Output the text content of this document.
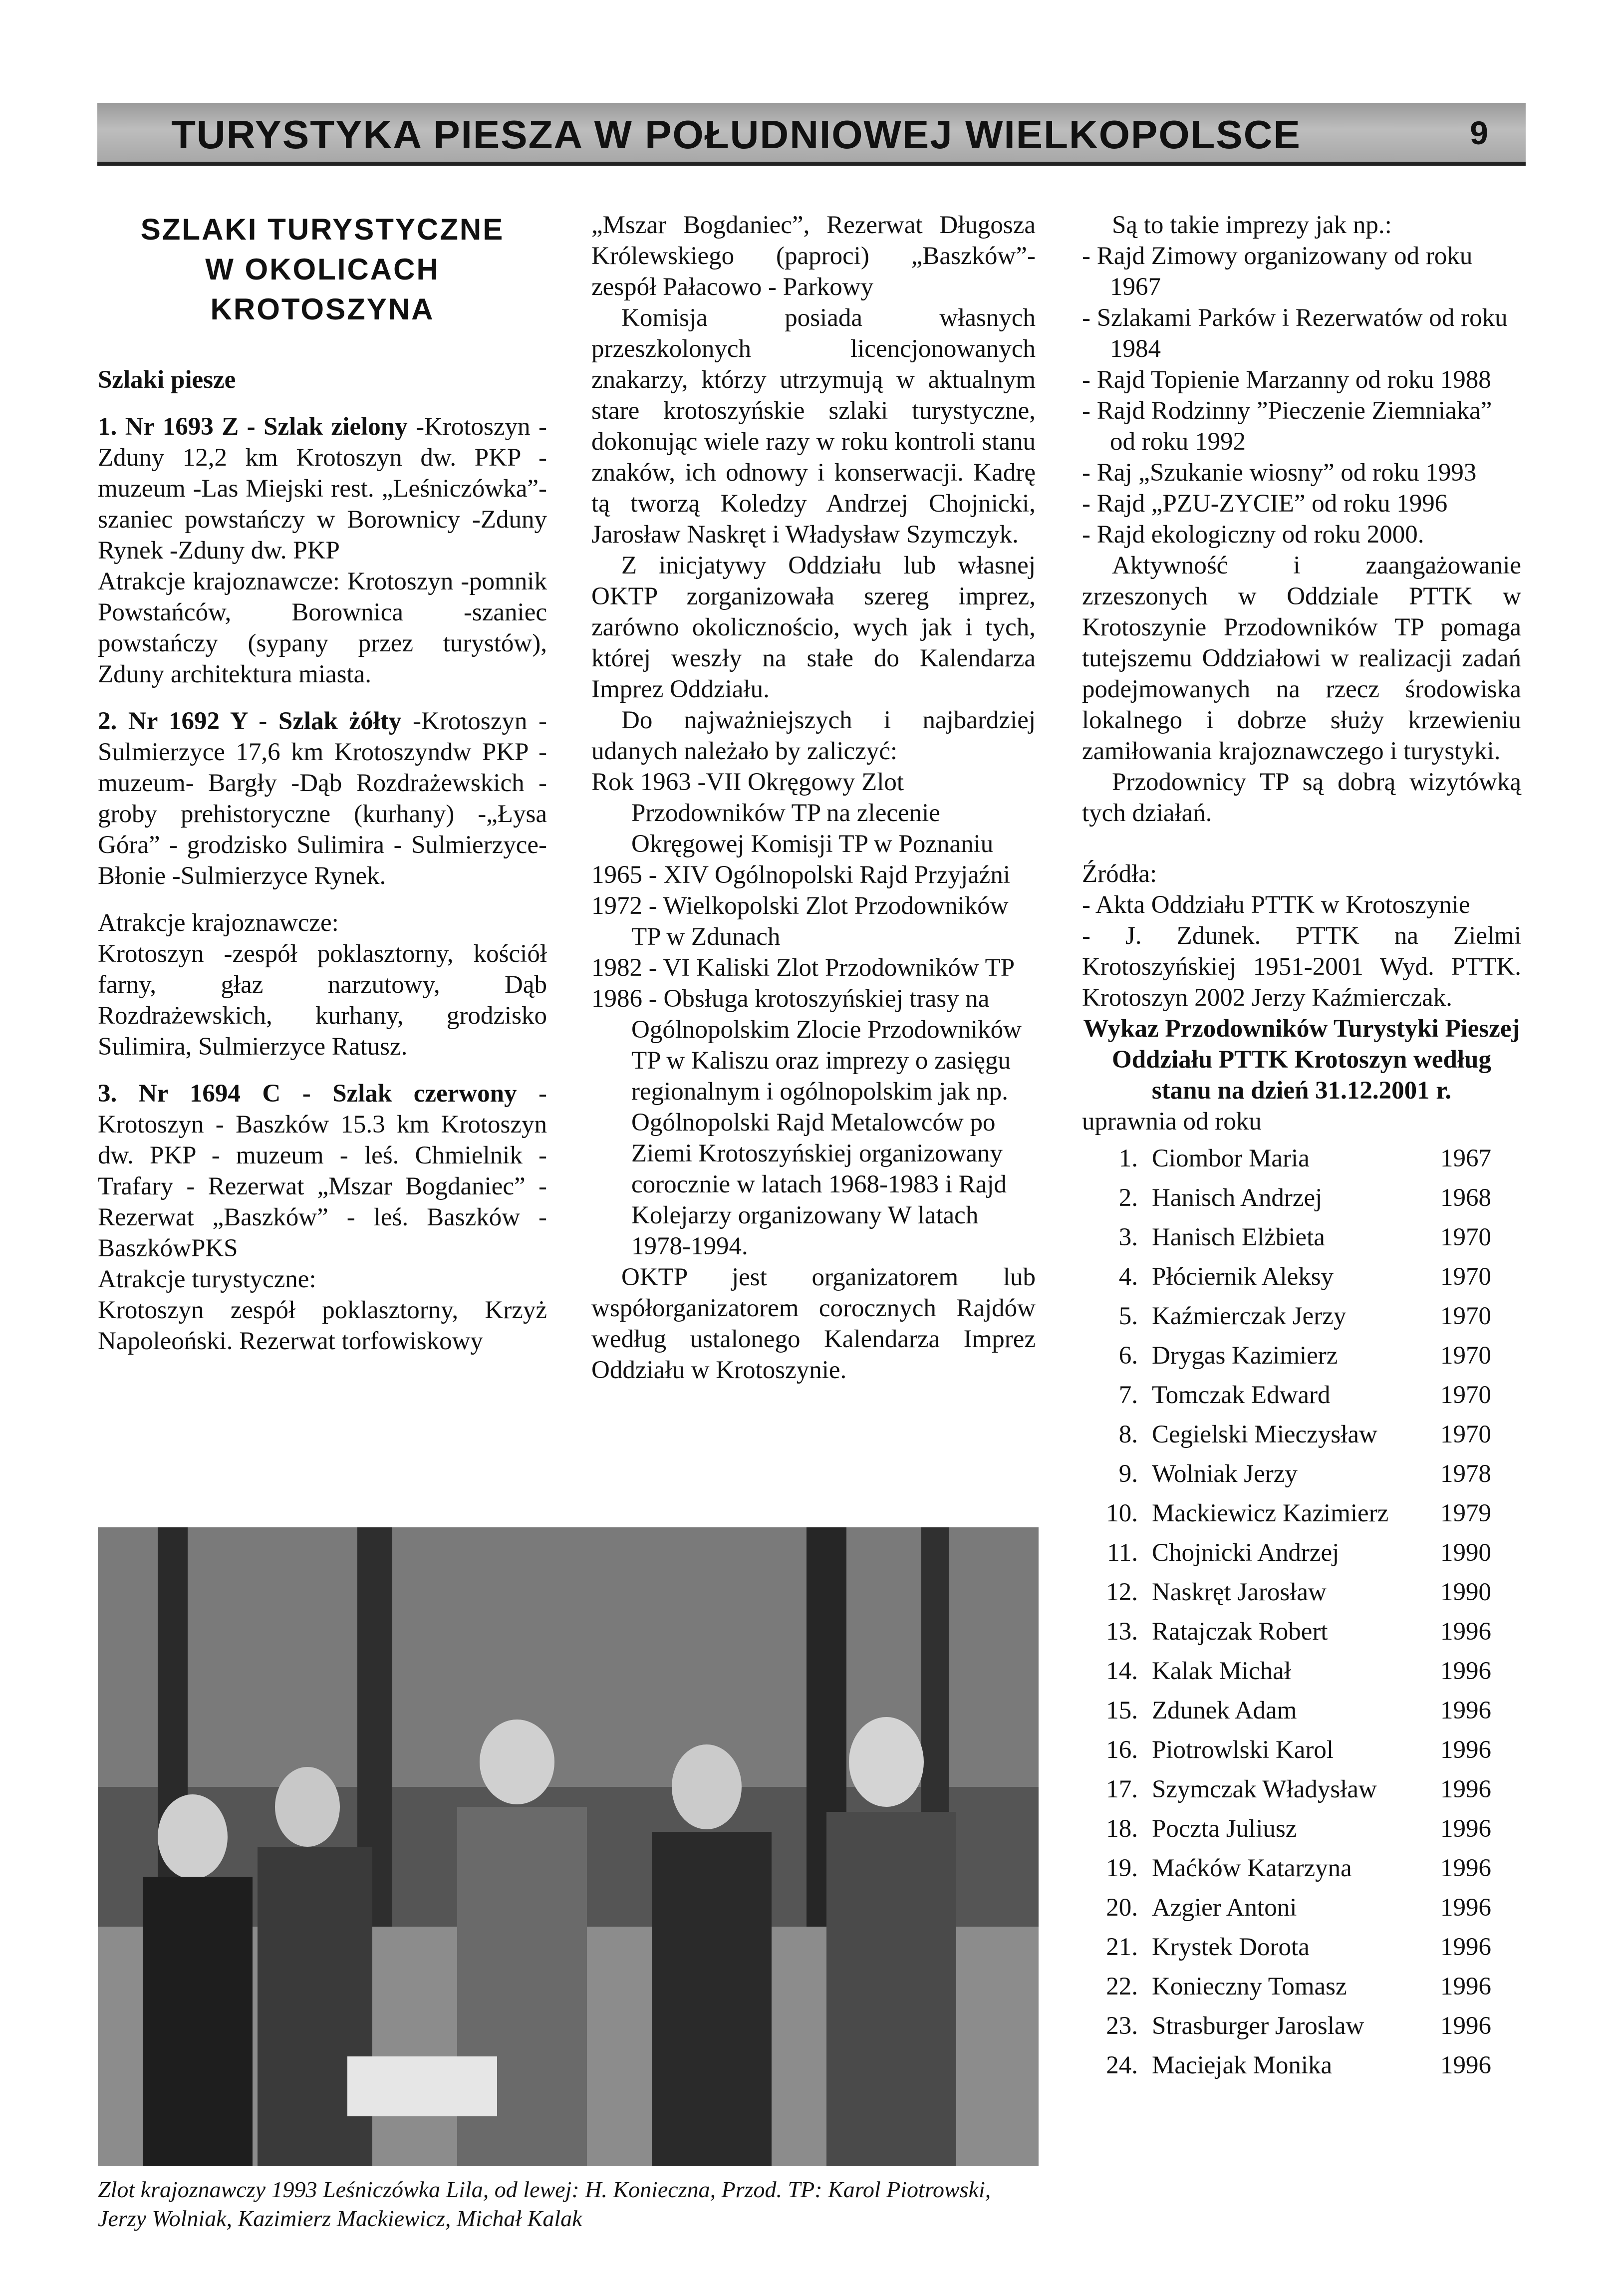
TURYSTYKA PIESZA W POŁUDNIOWEJ WIELKOPOLSCE	9
SZLAKI TURYSTYCZNE
W OKOLICACH KROTOSZYNA

Szlaki piesze

1. Nr 1693 Z - Szlak zielony -Krotoszyn -Zduny 12,2 km Krotoszyn dw. PKP -muzeum -Las Miejski rest. „Leśniczówka”-szaniec powstańczy w Borownicy -Zduny Rynek -Zduny dw. PKP

Atrakcje krajoznawcze: Krotoszyn -pomnik Powstańców, Borownica -szaniec powstańczy (sypany przez turystów), Zduny architektura miasta.

2. Nr 1692 Y - Szlak żółty -Krotoszyn -Sulmierzyce 17,6 km Krotoszyndw PKP -muzeum- Bargły -Dąb Rozdrażewskich -groby prehistoryczne (kurhany) -„Łysa Góra” - grodzisko Sulimira - Sulmierzyce-Błonie -Sulmierzyce Rynek.

Atrakcje krajoznawcze:

Krotoszyn -zespół poklasztorny, kościół farny, głaz narzutowy, Dąb Rozdrażewskich, kurhany, grodzisko Sulimira, Sulmierzyce Ratusz.

3. Nr 1694 C - Szlak czerwony - Krotoszyn - Baszków 15.3 km Krotoszyn dw. PKP - muzeum - leś. Chmielnik - Trafary - Rezerwat „Mszar Bogdaniec” - Rezerwat „Baszków” - leś. Baszków - BaszkówPKS

Atrakcje turystyczne:

Krotoszyn zespół poklasztorny, Krzyż Napoleoński. Rezerwat torfowiskowy

„Mszar Bogdaniec”, Rezerwat Długosza Królewskiego (paproci) „Baszków”- zespół Pałacowo - Parkowy

Komisja posiada własnych przeszkolonych licencjonowanych znakarzy, którzy utrzymują w aktualnym stare krotoszyńskie szlaki turystyczne, dokonując wiele razy w roku kontroli stanu znaków, ich odnowy i konserwacji. Kadrę tą tworzą Koledzy Andrzej Chojnicki, Jarosław Naskręt i Władysław Szymczyk.

Z inicjatywy Oddziału lub własnej OKTP zorganizowała szereg imprez, zarówno okolicznościo, wych jak i tych, której weszły na stałe do Kalendarza Imprez Oddziału.

Do najważniejszych i najbardziej udanych należało by zaliczyć:

Rok 1963 -VII Okręgowy Zlot Przodowników TP na zlecenie Okręgowej Komisji TP w Poznaniu

1965 - XIV Ogólnopolski Rajd Przyjaźni

1972 - Wielkopolski Zlot Przodowników TP w Zdunach

1982 - VI Kaliski Zlot Przodowników TP

1986 - Obsługa krotoszyńskiej trasy na Ogólnopolskim Zlocie Przodowników TP w Kaliszu oraz imprezy o zasięgu regionalnym i ogólnopolskim jak np. Ogólnopolski Rajd Metalowców po Ziemi Krotoszyńskiej organizowany corocznie w latach 1968-1983 i Rajd Kolejarzy organizowany W latach 1978-1994.

OKTP jest organizatorem lub współorganizatorem corocznych Rajdów według ustalonego Kalendarza Imprez Oddziału w Krotoszynie.

Są to takie imprezy jak np.:

- Rajd Zimowy organizowany od roku 1967
- Szlakami Parków i Rezerwatów od roku 1984
- Rajd Topienie Marzanny od roku 1988
- Rajd Rodzinny ”Pieczenie Ziemniaka” od roku 1992
- Raj „Szukanie wiosny” od roku 1993
- Rajd „PZU-ZYCIE” od roku 1996
- Rajd ekologiczny od roku 2000.

Aktywność i zaangażowanie zrzeszonych w Oddziale PTTK w Krotoszynie Przodowników TP pomaga tutejszemu Oddziałowi w realizacji zadań podejmowanych na rzecz środowiska lokalnego i dobrze służy krzewieniu zamiłowania krajoznawczego i turystyki.

Przodownicy TP są dobrą wizytówką tych działań.

Źródła:

- Akta Oddziału PTTK w Krotoszynie

- J. Zdunek. PTTK na Zielmi Krotoszyńskiej 1951-2001 Wyd. PTTK. Krotoszyn 2002 Jerzy Kaźmierczak.

Wykaz Przodowników Turystyki Pieszej Oddziału PTTK Krotoszyn według stanu na dzień 31.12.2001 r.

uprawnia od roku

1. Ciombor Maria	1967
2. Hanisch Andrzej	1968
3. Hanisch Elżbieta	1970
4. Płóciernik Aleksy	1970
5. Kaźmierczak Jerzy	1970
6. Drygas Kazimierz	1970
7. Tomczak Edward	1970
8. Cegielski Mieczysław	1970
9. Wolniak Jerzy	1978
10. Mackiewicz Kazimierz	1979
11. Chojnicki Andrzej	1990
12. Naskręt Jarosław	1990
13. Ratajczak Robert	1996
14. Kalak Michał	1996
15. Zdunek Adam	1996
16. Piotrowlski Karol	1996
17. Szymczak Władysław	1996
18. Poczta Juliusz	1996
19. Maćków Katarzyna	1996
20. Azgier Antoni	1996
21. Krystek Dorota	1996
22. Konieczny Tomasz	1996
23. Strasburger Jaroslaw	1996
24. Maciejak Monika	1996
Zlot krajoznawczy 1993 Leśniczówka Lila, od lewej: H. Konieczna, Przod. TP: Karol Piotrowski, Jerzy Wolniak, Kazimierz Mackiewicz, Michał Kalak
